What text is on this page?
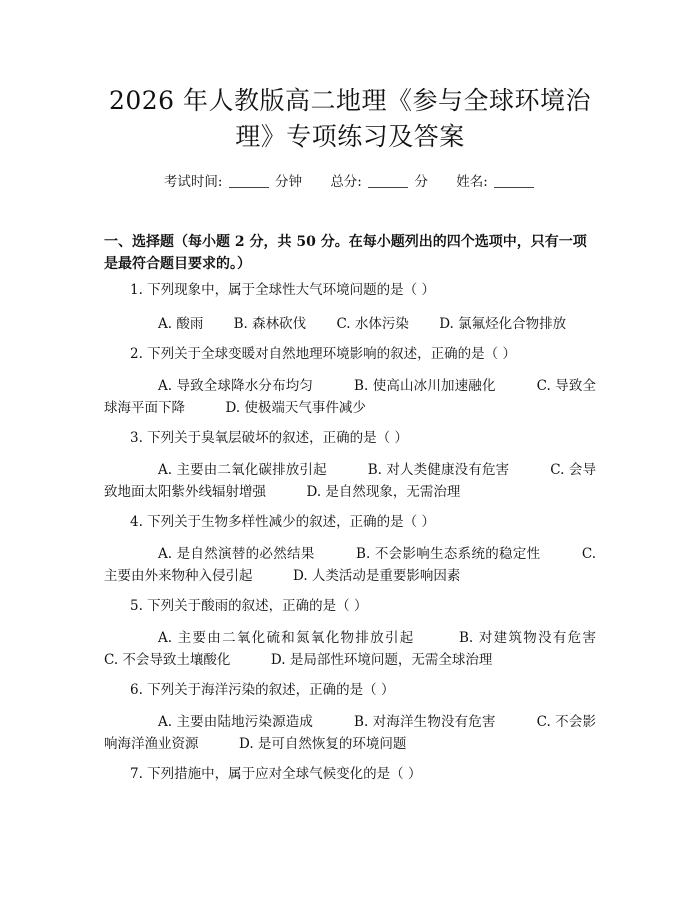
2026 年人教版高二地理《参与全球环境治
理》专项练习及答案
考试时间:	分钟 总分:	分 姓名:
一、选择题（每小题 2 分，共 50 分。在每小题列出的四个选项中，只有一项是最符合题目要求的。）
1. 下列现象中，属于全球性大气环境问题的是（ ）
A. 酸雨 B. 森林砍伐 C. 水体污染 D. 氯氟烃化合物排放
2. 下列关于全球变暖对自然地理环境影响的叙述，正确的是（ ）
A. 导致全球降水分布均匀　　　B. 使高山冰川加速融化　　　C. 导致全球海平面下降　　　D. 使极端天气事件减少
3. 下列关于臭氧层破坏的叙述，正确的是（ ）
A. 主要由二氧化碳排放引起　　　B. 对人类健康没有危害　　　C. 会导致地面太阳紫外线辐射增强　　　D. 是自然现象，无需治理
4. 下列关于生物多样性减少的叙述，正确的是（ ）
A. 是自然演替的必然结果　　　B. 不会影响生态系统的稳定性　　　C. 主要由外来物种入侵引起　　　D. 人类活动是重要影响因素
5. 下列关于酸雨的叙述，正确的是（ ）
A. 主要由二氧化硫和氮氧化物排放引起　　　B. 对建筑物没有危害　　　C. 不会导致土壤酸化　　　D. 是局部性环境问题，无需全球治理
6. 下列关于海洋污染的叙述，正确的是（ ）
A. 主要由陆地污染源造成　　　B. 对海洋生物没有危害　　　C. 不会影响海洋渔业资源　　　D. 是可自然恢复的环境问题
7. 下列措施中，属于应对全球气候变化的是（ ）
